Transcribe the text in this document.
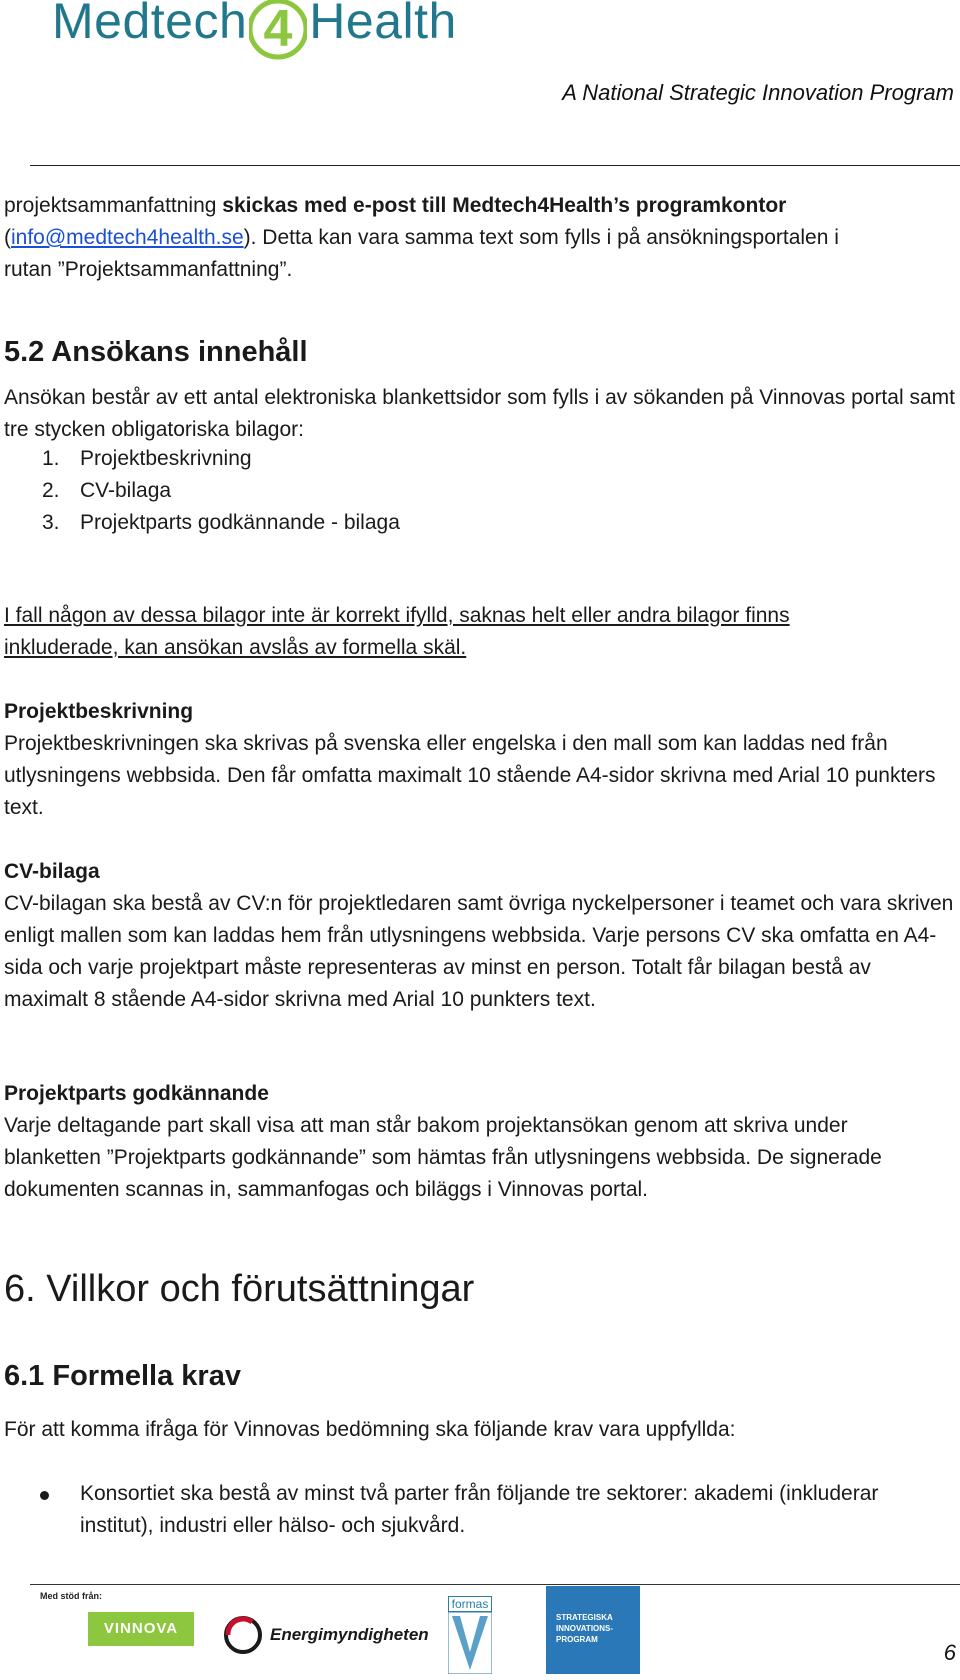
Medtech 4 Health
A National Strategic Innovation Program
projektsammanfattning skickas med e-post till Medtech4Health’s programkontor
(info@medtech4health.se). Detta kan vara samma text som fylls i på ansökningsportalen i
rutan ”Projektsammanfattning”.
5.2 Ansökans innehåll
Ansökan består av ett antal elektroniska blankettsidor som fylls i av sökanden på Vinnovas portal samt tre stycken obligatoriska bilagor:
1. Projektbeskrivning
2. CV-bilaga
3. Projektparts godkännande - bilaga
I fall någon av dessa bilagor inte är korrekt ifylld, saknas helt eller andra bilagor finns inkluderade, kan ansökan avslås av formella skäl.
Projektbeskrivning
Projektbeskrivningen ska skrivas på svenska eller engelska i den mall som kan laddas ned från utlysningens webbsida. Den får omfatta maximalt 10 stående A4-sidor skrivna med Arial 10 punkters text.
CV-bilaga
CV-bilagan ska bestå av CV:n för projektledaren samt övriga nyckelpersoner i teamet och vara skriven enligt mallen som kan laddas hem från utlysningens webbsida. Varje persons CV ska omfatta en A4-sida och varje projektpart måste representeras av minst en person. Totalt får bilagan bestå av maximalt 8 stående A4-sidor skrivna med Arial 10 punkters text.
Projektparts godkännande
Varje deltagande part skall visa att man står bakom projektansökan genom att skriva under blanketten ”Projektparts godkännande” som hämtas från utlysningens webbsida. De signerade dokumenten scannas in, sammanfogas och biläggs i Vinnovas portal.
6. Villkor och förutsättningar
6.1 Formella krav
För att komma ifråga för Vinnovas bedömning ska följande krav vara uppfyllda:
Konsortiet ska bestå av minst två parter från följande tre sektorer: akademi (inkluderar institut), industri eller hälso- och sjukvård.
Med stöd från:
VINNOVA	Energimyndigheten
formas
STRATEGISKA
INNOVATIONS-
PROGRAM
6
